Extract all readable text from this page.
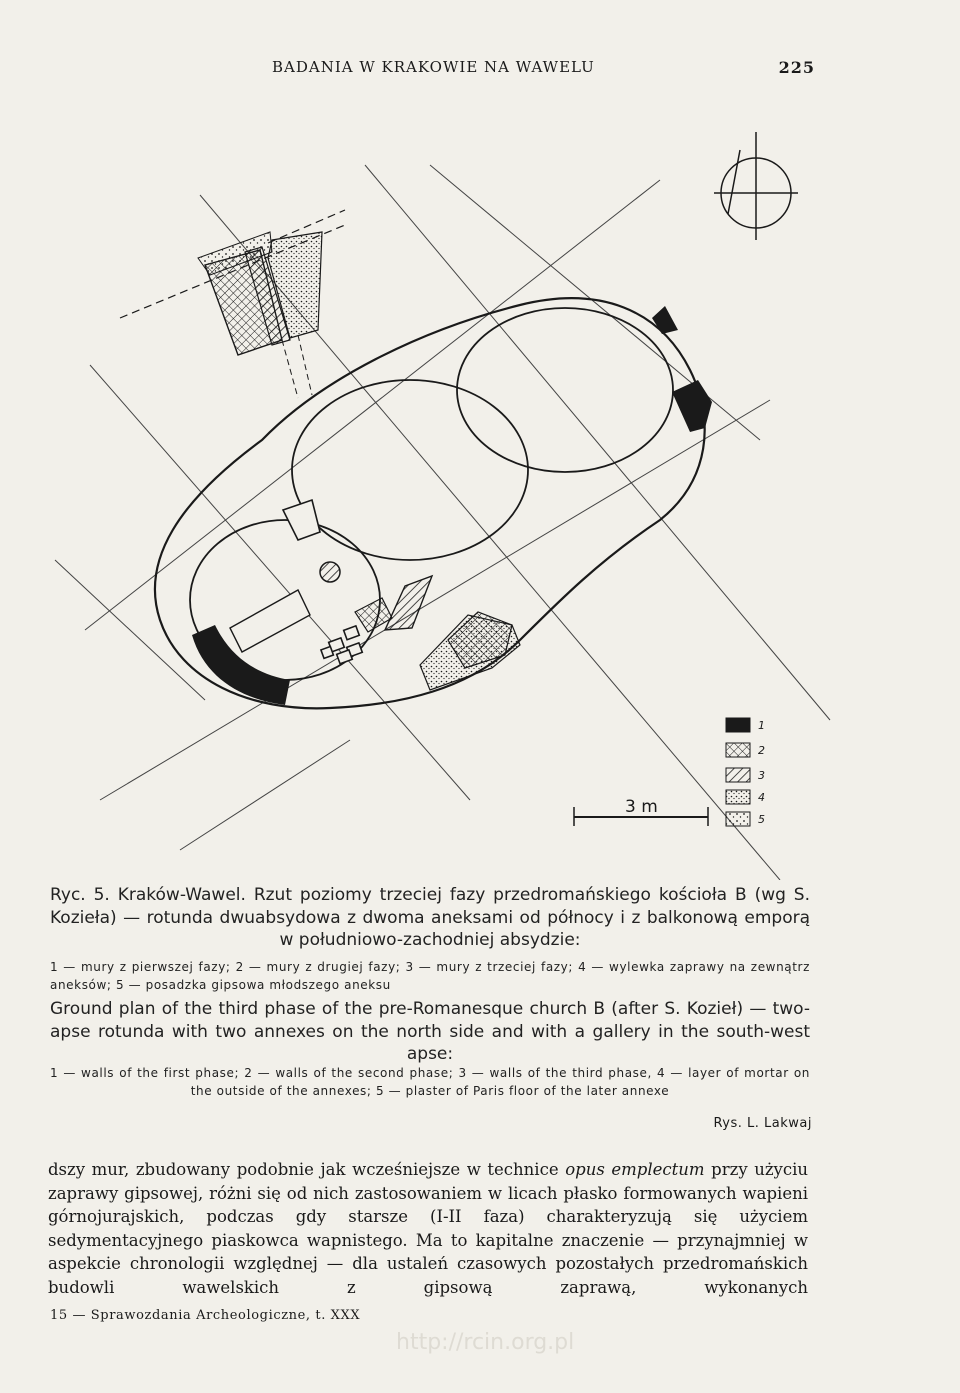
BADANIA W KRAKOWIE NA WAWELU	225
3 m
1
2
3
4
5
Ryc. 5. Kraków-Wawel. Rzut poziomy trzeciej fazy przedromańskiego kościoła B (wg S. Kozieła) — rotunda dwuabsydowa z dwoma aneksami od północy i z balkonową emporą w południowo-zachodniej absydzie:
1 — mury z pierwszej fazy; 2 — mury z drugiej fazy; 3 — mury z trzeciej fazy; 4 — wylewka zaprawy na zewnątrz aneksów; 5 — posadzka gipsowa młodszego aneksu
Ground plan of the third phase of the pre-Romanesque church B (after S. Kozieł) — two-apse rotunda with two annexes on the north side and with a gallery in the south-west apse:
1 — walls of the first phase; 2 — walls of the second phase; 3 — walls of the third phase, 4 — layer of mortar on the outside of the annexes; 5 — plaster of Paris floor of the later annexe
Rys. L. Lakwaj
dszy mur, zbudowany podobnie jak wcześniejsze w technice opus emplectum przy użyciu zaprawy gipsowej, różni się od nich zastosowaniem w licach płasko formowanych wapieni górnojurajskich, podczas gdy starsze (I-II faza) charakteryzują się użyciem sedymentacyjnego piaskowca wapnistego. Ma to kapitalne znaczenie — przynajmniej w aspekcie chronologii względnej — dla ustaleń czasowych pozostałych przedromańskich budowli wawelskich z gipsową zaprawą, wykonanych
15 — Sprawozdania Archeologiczne, t. XXX
http://rcin.org.pl
